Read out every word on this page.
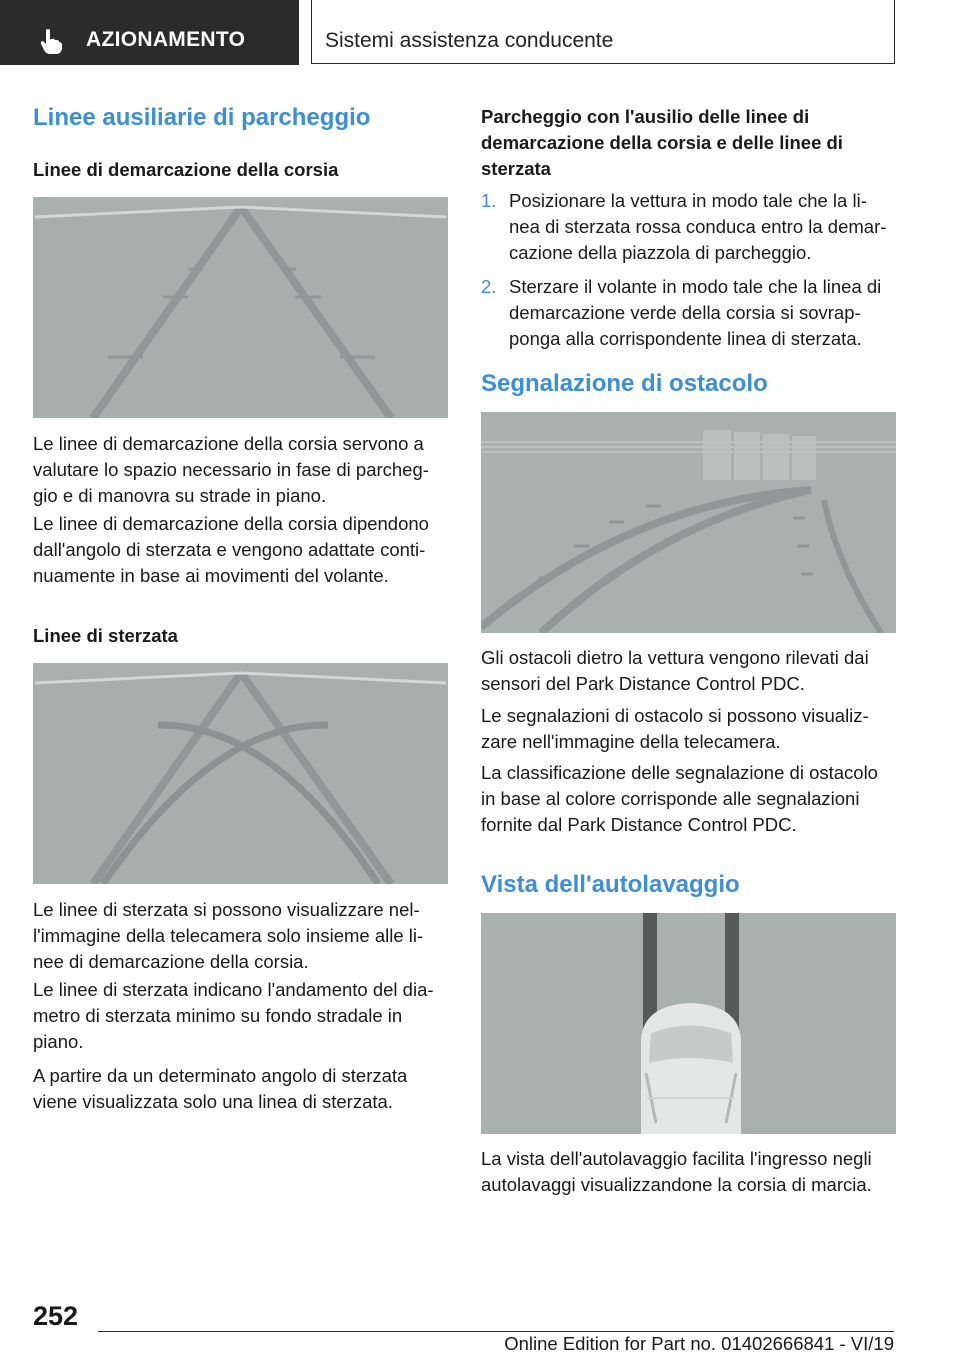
AZIONAMENTO	Sistemi assistenza conducente
Linee ausiliarie di parcheggio
Linee di demarcazione della corsia

Le linee di demarcazione della corsia servono a valutare lo spazio necessario in fase di parcheg-gio e di manovra su strade in piano.

Le linee di demarcazione della corsia dipendono dall'angolo di sterzata e vengono adattate conti-nuamente in base ai movimenti del volante.

Linee di sterzata

Le linee di sterzata si possono visualizzare nel-l'immagine della telecamera solo insieme alle li-nee di demarcazione della corsia.

Le linee di sterzata indicano l'andamento del dia-metro di sterzata minimo su fondo stradale in piano.

A partire da un determinato angolo di sterzata viene visualizzata solo una linea di sterzata.

Parcheggio con l'ausilio delle linee di demarcazione della corsia e delle linee di sterzata
1. Posizionare la vettura in modo tale che la li-nea di sterzata rossa conduca entro la demar-cazione della piazzola di parcheggio.
2. Sterzare il volante in modo tale che la linea di demarcazione verde della corsia si sovrap-ponga alla corrispondente linea di sterzata.
Segnalazione di ostacolo

Gli ostacoli dietro la vettura vengono rilevati dai sensori del Park Distance Control PDC.

Le segnalazioni di ostacolo si possono visualiz-zare nell'immagine della telecamera.

La classificazione delle segnalazione di ostacolo in base al colore corrisponde alle segnalazioni fornite dal Park Distance Control PDC.

Vista dell'autolavaggio

La vista dell'autolavaggio facilita l'ingresso negli autolavaggi visualizzandone la corsia di marcia.

252
Online Edition for Part no. 01402666841 - VI/19
